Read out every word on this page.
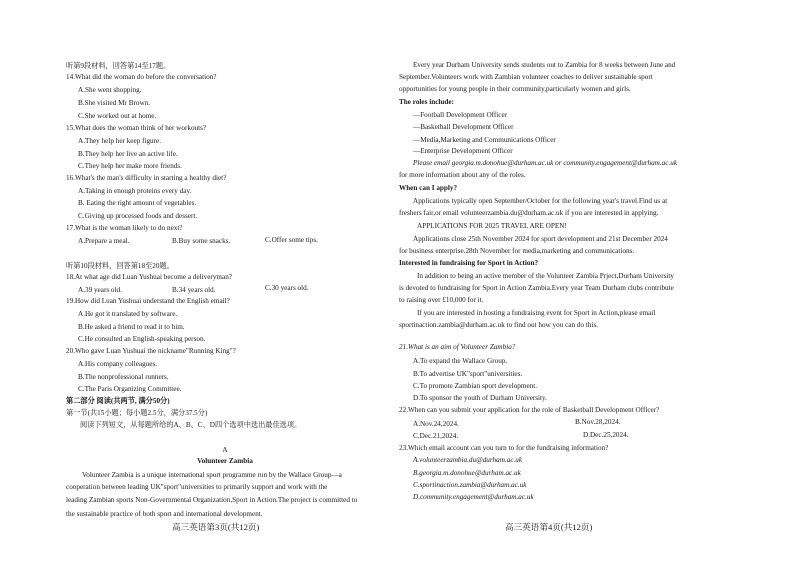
听第9段材料，回答第14至17题。
14.What did the woman do before the conversation?
A.She went shopping.
B.She visited Mr Brown.
C.She worked out at home.
15.What does the woman think of her workouts?
A.They help her keep figure.
B.They help her live an active life.
C.They help her make more friends.
16.What's the man's difficulty in starting a healthy diet?
A.Taking in enough proteins every day.
B. Eating the right amount of vegetables.
C.Giving up processed foods and dessert.
17.What is the woman likely to do next?
A.Prepare a meal.	B.Buy some snacks.	C.Offer some tips.
听第10段材料，回答第18至20题。
18.At what age did Luan Yushuai become a deliveryman?
A.39 years old.	B.34 years old.	C.30 years old.
19.How did Luan Yushuai understand the English email?
A.He got it translated by software.
B.He asked a friend to read it to him.
C.He consulted an English-speaking person.
20.Who gave Luan Yushuai the nickname"Running King"?
A.His company colleagues.
B.The nonprofessional runners.
C.The Paris Organizing Committee.
第二部分 阅读(共两节, 满分50分)
第一节(共15小题；每小题2.5分，满分37.5分)
阅读下列短文，从每题所给的A、B、C、D四个选项中选出最佳选项。
A
Volunteer Zambia
Volunteer Zambia is a unique international sport programme run by the Wallace Group—a
cooperation between leading UK"sport"universities to primarily support and work with the
leading Zambian sports Non-Governmental Organization,Sport in Action.The project is committed to
the sustainable practice of both sport and international development.
高三英语第3页(共12页)
Every year Durham University sends students out to Zambia for 8 weeks between June and
September.Volunteers work with Zambian volunteer coaches to deliver sustainable sport
opportunities for young people in their community,particularly women and girls.
The roles include:
—Football Development Officer
—Basketball Development Officer
—Media,Marketing and Communications Officer
—Enterprise Development Officer
Please email georgia.m.donohue@durham.ac.uk or community.engagement@durham.ac.uk
for more information about any of the roles.
When can I apply?
Applications typically open September/October for the following year's travel.Find us at
freshers fair,or email volunteerzambia.du@durham.ac.uk if you are interested in applying.
APPLICATIONS FOR 2025 TRAVEL ARE OPEN!
Applications close 25th November 2024 for sport development and 21st December 2024
for business enterprise.28th November for media,marketing and communications.
Interested in fundraising for Sport in Action?
In addition to being an active member of the Volunteer Zambia Prject,Durham University
is devoted to fundraising for Sport in Action Zambia.Every year Team Durham clubs contribute
to raising over £10,000 for it.
If you are interested in hosting a fundraising event for Sport in Action,please email
sportinaction.zambia@durham.ac.uk to find out how you can do this.
21.What is an aim of Volunteer Zambia?
A.To expand the Wallace Group.
B.To advertise UK"sport"universities.
C.To promote Zambian sport development.
D.To sponsor the youth of Durham University.
22.When can you submit your application for the role of Basketball Development Officer?
A.Nov.24,2024.	B.Nov.28,2024.
C.Dec.21,2024.	D.Dec.25,2024.
23.Which email account can you turn to for the fundraising information?
A.volunteerzambia.du@durham.ac.uk
B.georgia.m.donohue@durham.ac.uk
C.sportinaction.zambia@durham.ac.uk
D.community.engagement@durham.ac.uk
高三英语第4页(共12页)
